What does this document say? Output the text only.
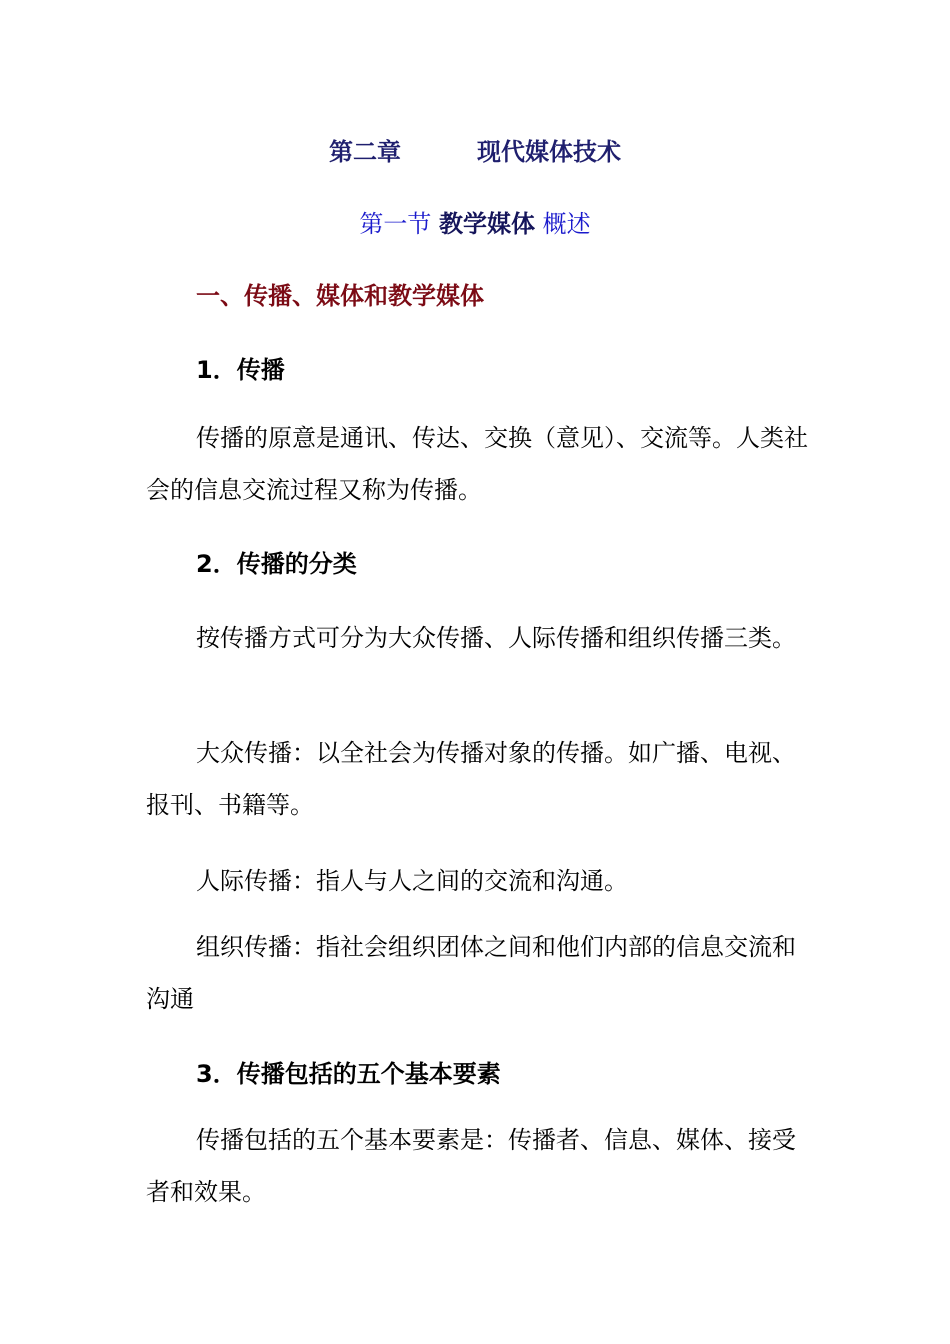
第二章	现代媒体技术
第一节 教学媒体 概述
一、传播、媒体和教学媒体
1．传播
传播的原意是通讯、传达、交换（意见）、交流等。人类社会的信息交流过程又称为传播。
2．传播的分类
按传播方式可分为大众传播、人际传播和组织传播三类。
大众传播：以全社会为传播对象的传播。如广播、电视、报刊、书籍等。
人际传播：指人与人之间的交流和沟通。
组织传播：指社会组织团体之间和他们内部的信息交流和沟通
3．传播包括的五个基本要素
传播包括的五个基本要素是：传播者、信息、媒体、接受者和效果。
